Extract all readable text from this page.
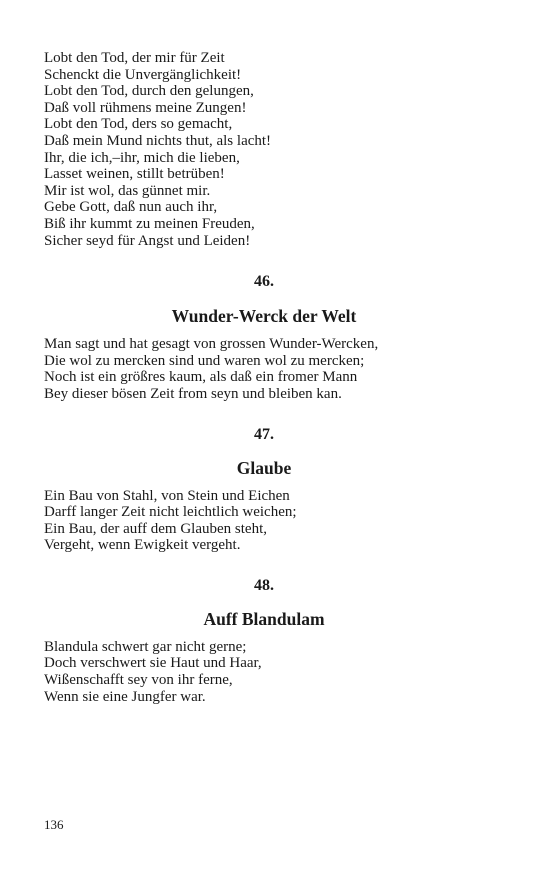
Lobt den Tod, der mir für Zeit
Schenckt die Unvergänglichkeit!
Lobt den Tod, durch den gelungen,
Daß voll rühmens meine Zungen!
Lobt den Tod, ders so gemacht,
Daß mein Mund nichts thut, als lacht!
Ihr, die ich,–ihr, mich die lieben,
Lasset weinen, stillt betrüben!
Mir ist wol, das günnet mir.
Gebe Gott, daß nun auch ihr,
Biß ihr kummt zu meinen Freuden,
Sicher seyd für Angst und Leiden!
46.
Wunder-Werck der Welt
Man sagt und hat gesagt von grossen Wunder-Wercken,
Die wol zu mercken sind und waren wol zu mercken;
Noch ist ein größres kaum, als daß ein fromer Mann
Bey dieser bösen Zeit from seyn und bleiben kan.
47.
Glaube
Ein Bau von Stahl, von Stein und Eichen
Darff langer Zeit nicht leichtlich weichen;
Ein Bau, der auff dem Glauben steht,
Vergeht, wenn Ewigkeit vergeht.
48.
Auff Blandulam
Blandula schwert gar nicht gerne;
Doch verschwert sie Haut und Haar,
Wißenschafft sey von ihr ferne,
Wenn sie eine Jungfer war.
136
